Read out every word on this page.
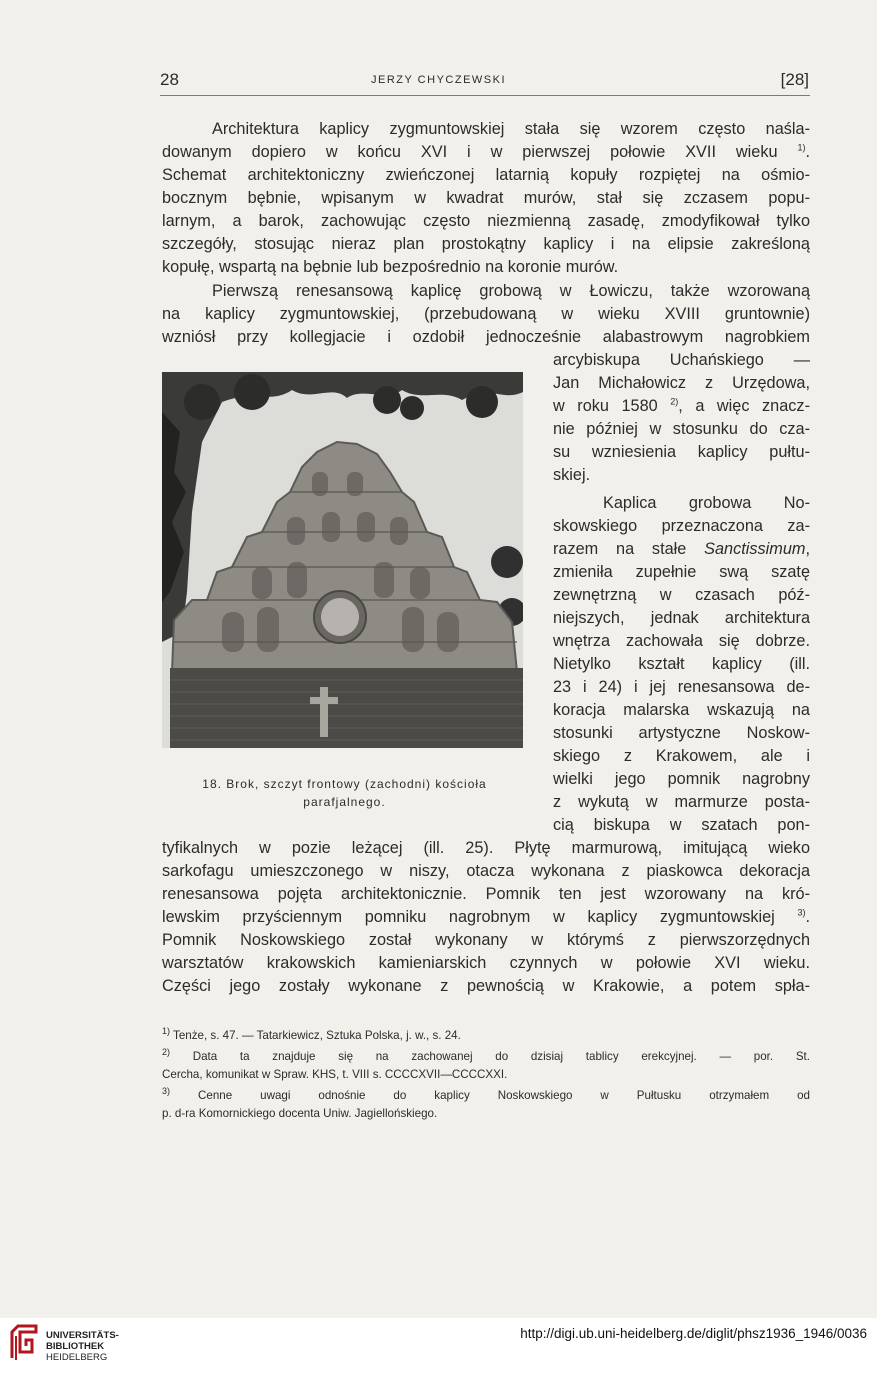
28	JERZY CHYCZEWSKI	[28]
Architektura kaplicy zygmuntowskiej stała się wzorem często naśla-
dowanym dopiero w końcu XVI i w pierwszej połowie XVII wieku $^{1)}$.
Schemat architektoniczny zwieńczonej latarnią kopuły rozpiętej na ośmio-
bocznym bębnie, wpisanym w kwadrat murów, stał się zczasem popu-
larnym, a barok, zachowując często niezmienną zasadę, zmodyfikował tylko
szczegóły, stosując nieraz plan prostokątny kaplicy i na elipsie zakreśloną
kopułę, wspartą na bębnie lub bezpośrednio na koronie murów.
Pierwszą renesansową kaplicę grobową w Łowiczu, także wzorowaną
na kaplicy zygmuntowskiej, (przebudowaną w wieku XVIII gruntownie)
wzniósł przy kollegjacie i ozdobił jednocześnie alabastrowym nagrobkiem
18. Brok, szczyt frontowy (zachodni) kościoła
parafjalnego.
arcybiskupa Uchańskiego —
Jan Michałowicz z Urzędowa,
w roku 1580 $^{2)}$, a więc znacz-
nie później w stosunku do cza-
su wzniesienia kaplicy pułtu-
skiej.
Kaplica grobowa No-
skowskiego przeznaczona za-
razem na stałe Sanctissimum,
zmieniła zupełnie swą szatę
zewnętrzną w czasach póź-
niejszych, jednak architektura
wnętrza zachowała się dobrze.
Nietylko kształt kaplicy (ill.
23 i 24) i jej renesansowa de-
koracja malarska wskazują na
stosunki artystyczne Noskow-
skiego z Krakowem, ale i
wielki jego pomnik nagrobny
z wykutą w marmurze posta-
cią biskupa w szatach pon-
tyfikalnych w pozie leżącej (ill. 25). Płytę marmurową, imitującą wieko
sarkofagu umieszczonego w niszy, otacza wykonana z piaskowca dekoracja
renesansowa pojęta architektonicznie. Pomnik ten jest wzorowany na kró-
lewskim przyściennym pomniku nagrobnym w kaplicy zygmuntowskiej	$^{3)}$.
Pomnik Noskowskiego został wykonany w którymś z pierwszorzędnych
warsztatów krakowskich kamieniarskich czynnych w połowie XVI wieku.
Części jego zostały wykonane z pewnością w Krakowie, a potem spła-
$^{1)}$ Tenże, s. 47. — Tatarkiewicz, Sztuka Polska, j. w., s. 24.
$^{2)}$ Data ta znajduje się na zachowanej do dzisiaj tablicy erekcyjnej. — por. St.
Cercha, komunikat w Spraw. KHS, t. VIII s. CCCCXVII—CCCCXXI.
$^{3)}$ Cenne uwagi odnośnie do kaplicy Noskowskiego w Pułtusku otrzymałem od
p. d-ra Komornickiego docenta Uniw. Jagiellońskiego.
UNIVERSITÄTS-
BIBLIOTHEK
HEIDELBERG
http://digi.ub.uni-heidelberg.de/diglit/phsz1936_1946/0036
